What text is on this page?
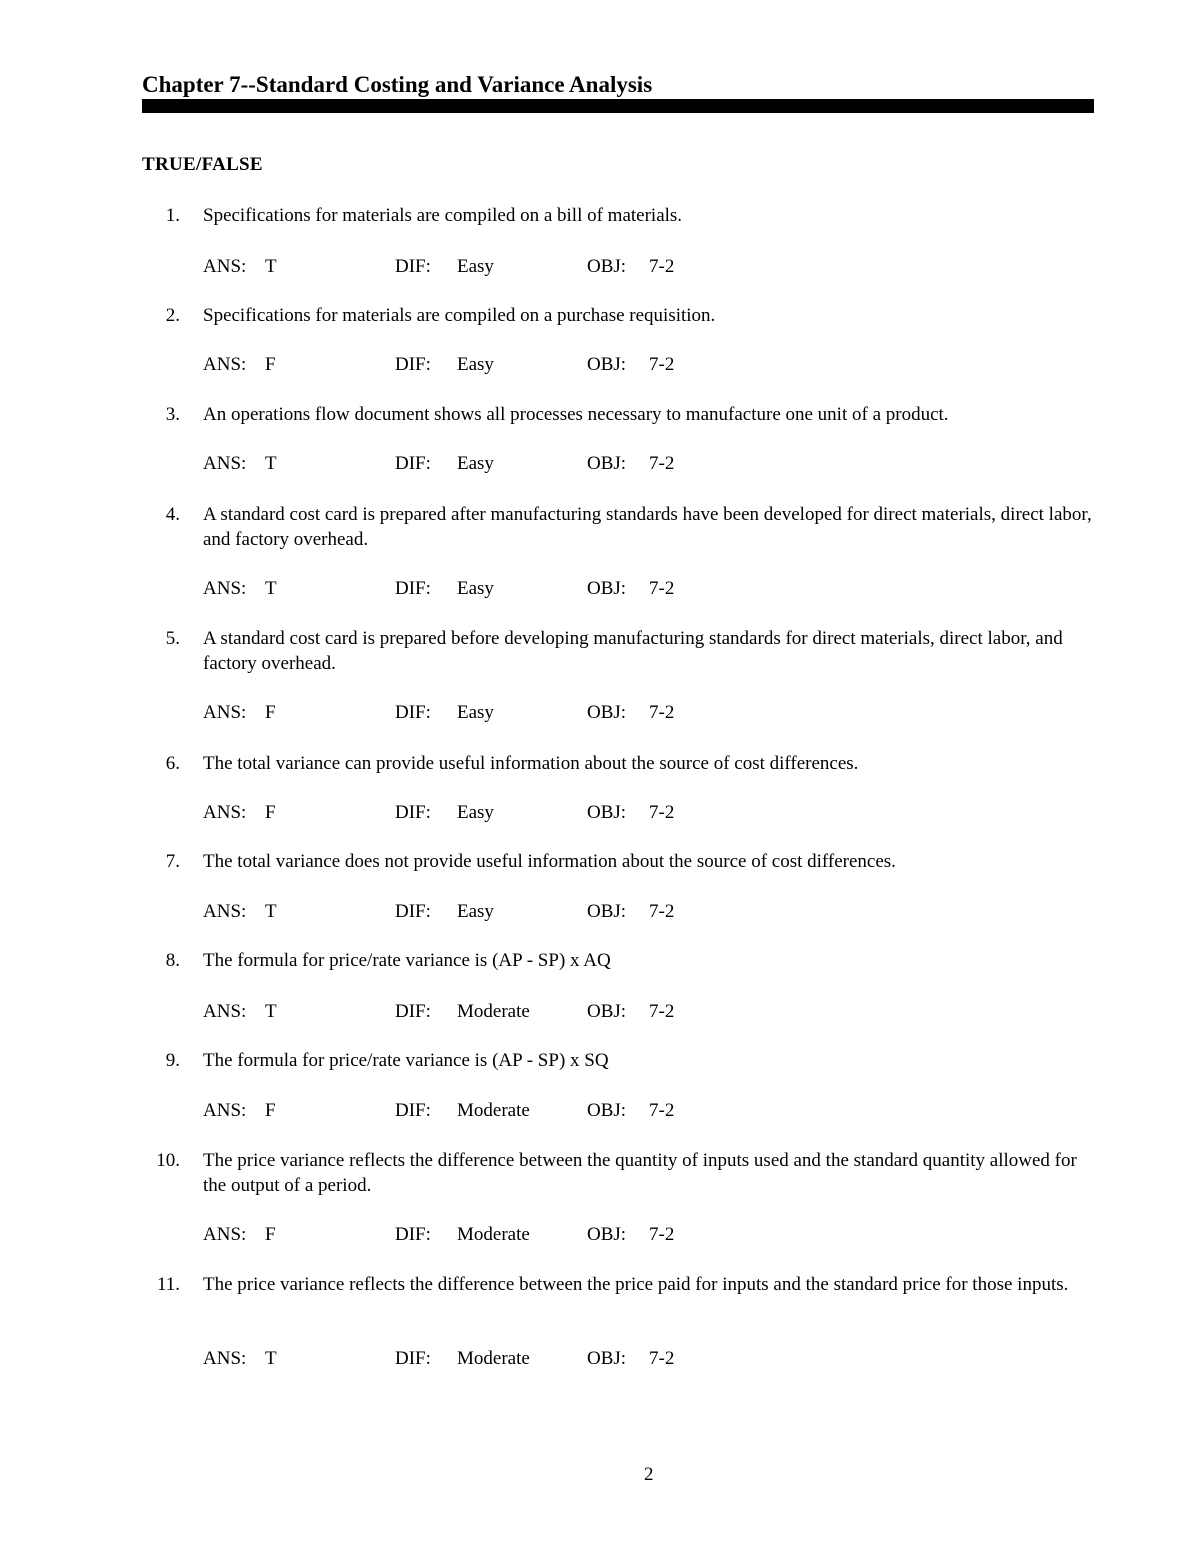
Chapter 7--Standard Costing and Variance Analysis
TRUE/FALSE
1. Specifications for materials are compiled on a bill of materials.
ANS: T	DIF: Easy	OBJ: 7-2
2. Specifications for materials are compiled on a purchase requisition.
ANS: F	DIF: Easy	OBJ: 7-2
3. An operations flow document shows all processes necessary to manufacture one unit of a product.
ANS: T	DIF: Easy	OBJ: 7-2
4. A standard cost card is prepared after manufacturing standards have been developed for direct materials, direct labor, and factory overhead.
ANS: T	DIF: Easy	OBJ: 7-2
5. A standard cost card is prepared before developing manufacturing standards for direct materials, direct labor, and factory overhead.
ANS: F	DIF: Easy	OBJ: 7-2
6. The total variance can provide useful information about the source of cost differences.
ANS: F	DIF: Easy	OBJ: 7-2
7. The total variance does not provide useful information about the source of cost differences.
ANS: T	DIF: Easy	OBJ: 7-2
8. The formula for price/rate variance is (AP - SP) x AQ
ANS: T	DIF: Moderate	OBJ: 7-2
9. The formula for price/rate variance is (AP - SP) x SQ
ANS: F	DIF: Moderate	OBJ: 7-2
10. The price variance reflects the difference between the quantity of inputs used and the standard quantity allowed for the output of a period.
ANS: F	DIF: Moderate	OBJ: 7-2
11. The price variance reflects the difference between the price paid for inputs and the standard price for those inputs.
ANS: T	DIF: Moderate	OBJ: 7-2
2
